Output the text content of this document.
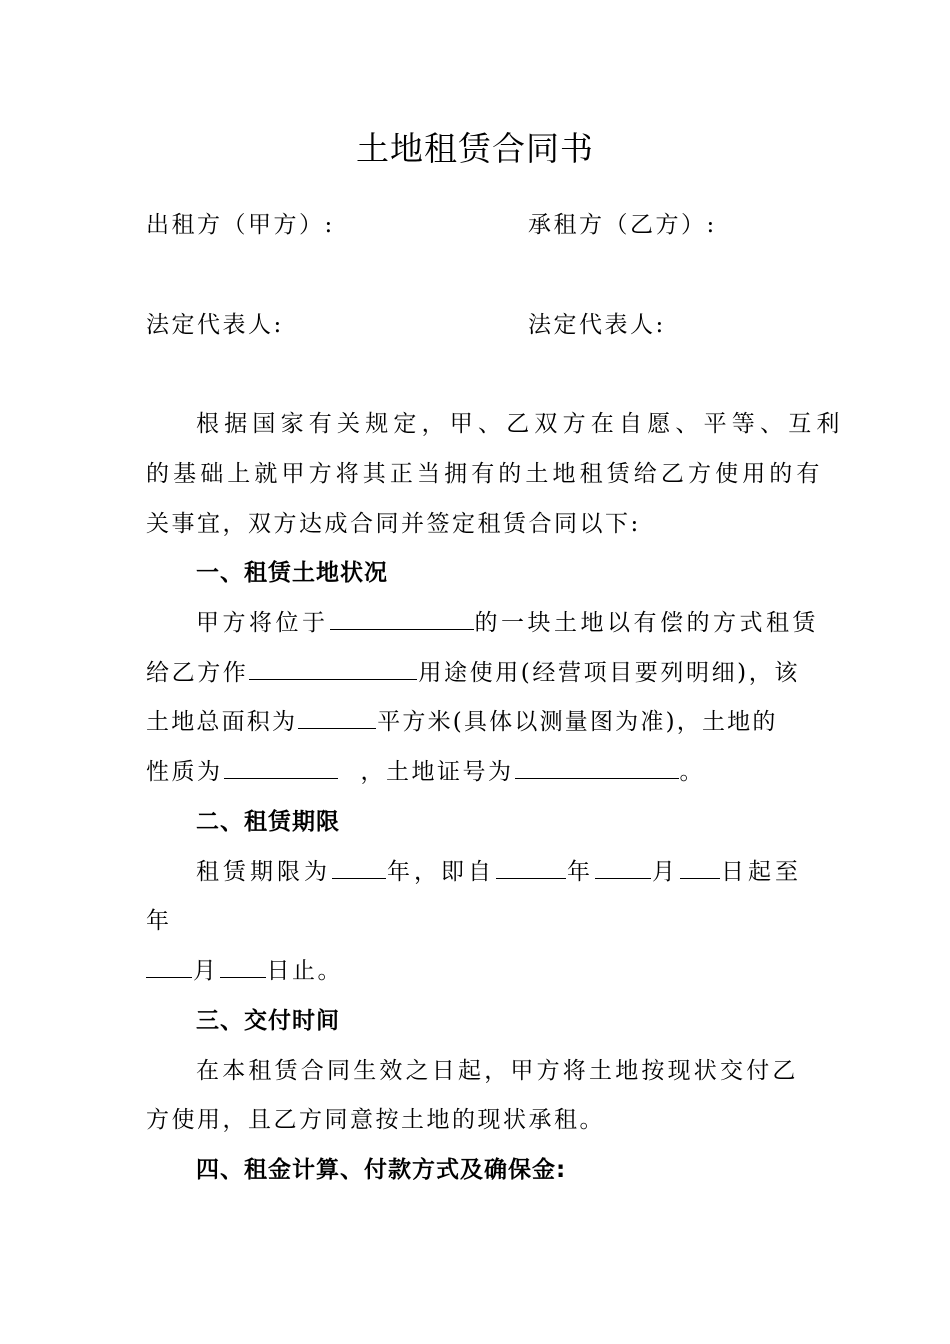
土地租赁合同书
出租方（甲方）:	承租方（乙方）:
法定代表人:	法定代表人:
根据国家有关规定，甲、乙双方在自愿、平等、互利
的基础上就甲方将其正当拥有的土地租赁给乙方使用的有
关事宜，双方达成合同并签定租赁合同以下:
一、租赁土地状况
甲方将位于	的一块土地以有偿的方式租赁
给乙方作	用途使用(经营项目要列明细)，该
土地总面积为	平方米(具体以测量图为准)，土地的
性质为	，土地证号为	。
二、租赁期限
租赁期限为 年，即自	年	月 日起至
年
月 日止。
三、交付时间
在本租赁合同生效之日起，甲方将土地按现状交付乙
方使用，且乙方同意按土地的现状承租。
四、租金计算、付款方式及确保金:
